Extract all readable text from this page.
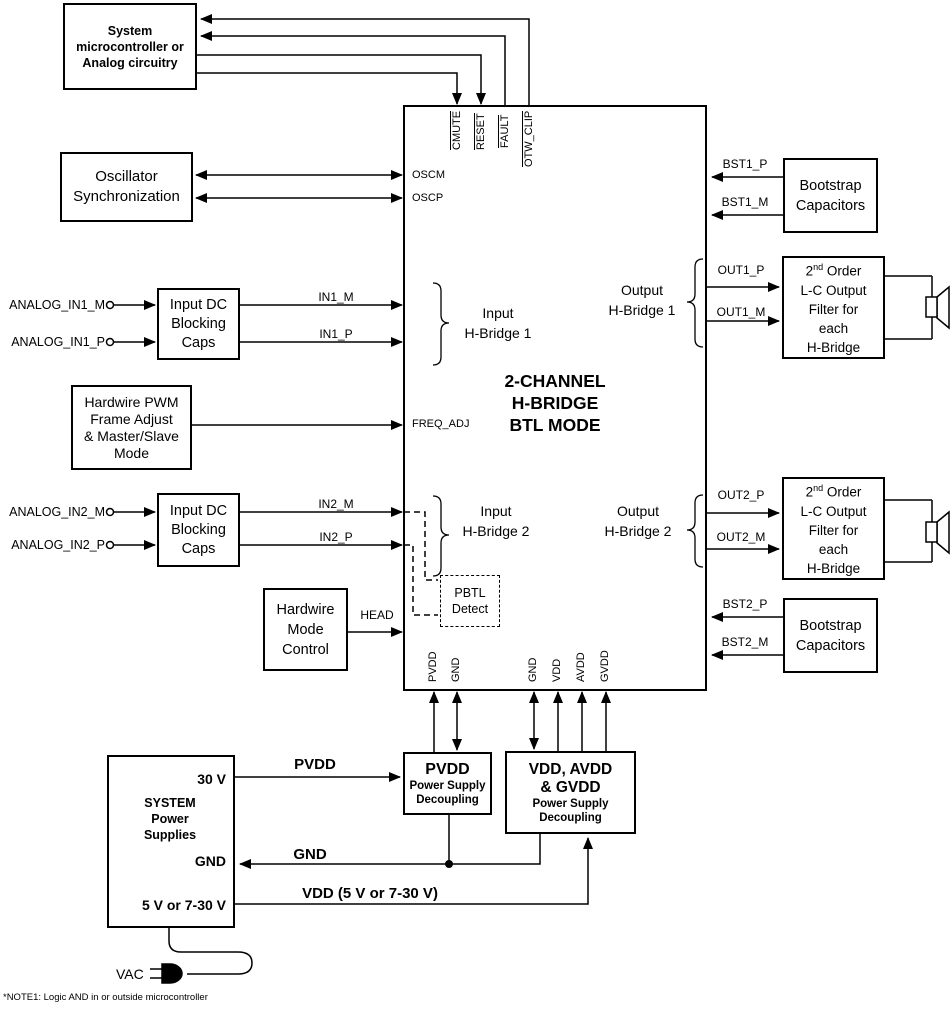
System
microcontroller or
Analog circuitry
Oscillator
Synchronization
Input DC
Blocking
Caps
Hardwire PWM
Frame Adjust
& Master/Slave
Mode
Input DC
Blocking
Caps
Hardwire
Mode
Control
Bootstrap
Capacitors
2nd Order
L-C Output
Filter for
each
H-Bridge
2nd Order
L-C Output
Filter for
each
H-Bridge
Bootstrap
Capacitors
30 V
SYSTEM
Power
Supplies
GND
5 V or 7-30 V
PVDD
Power Supply
Decoupling
VDD, AVDD
& GVDD
Power Supply
Decoupling
PBTL
Detect
2-CHANNEL
H-BRIDGE
BTL MODE
Input
H-Bridge 1
Output
H-Bridge 1
Input
H-Bridge 2
Output
H-Bridge 2
OSCM
OSCP
FREQ_ADJ
CMUTE RESET FAULT OTW_CLIP
PVDD GND	GND VDD AVDD GVDD
ANALOG_IN1_M
ANALOG_IN1_P
ANALOG_IN2_M
ANALOG_IN2_P
IN1_M
IN1_P
IN2_M
IN2_P
HEAD
BST1_P
BST1_M
OUT1_P
OUT1_M
OUT2_P
OUT2_M
BST2_P
BST2_M
PVDD
GND
VDD (5 V or 7-30 V)
VAC
*NOTE1: Logic AND in or outside microcontroller
